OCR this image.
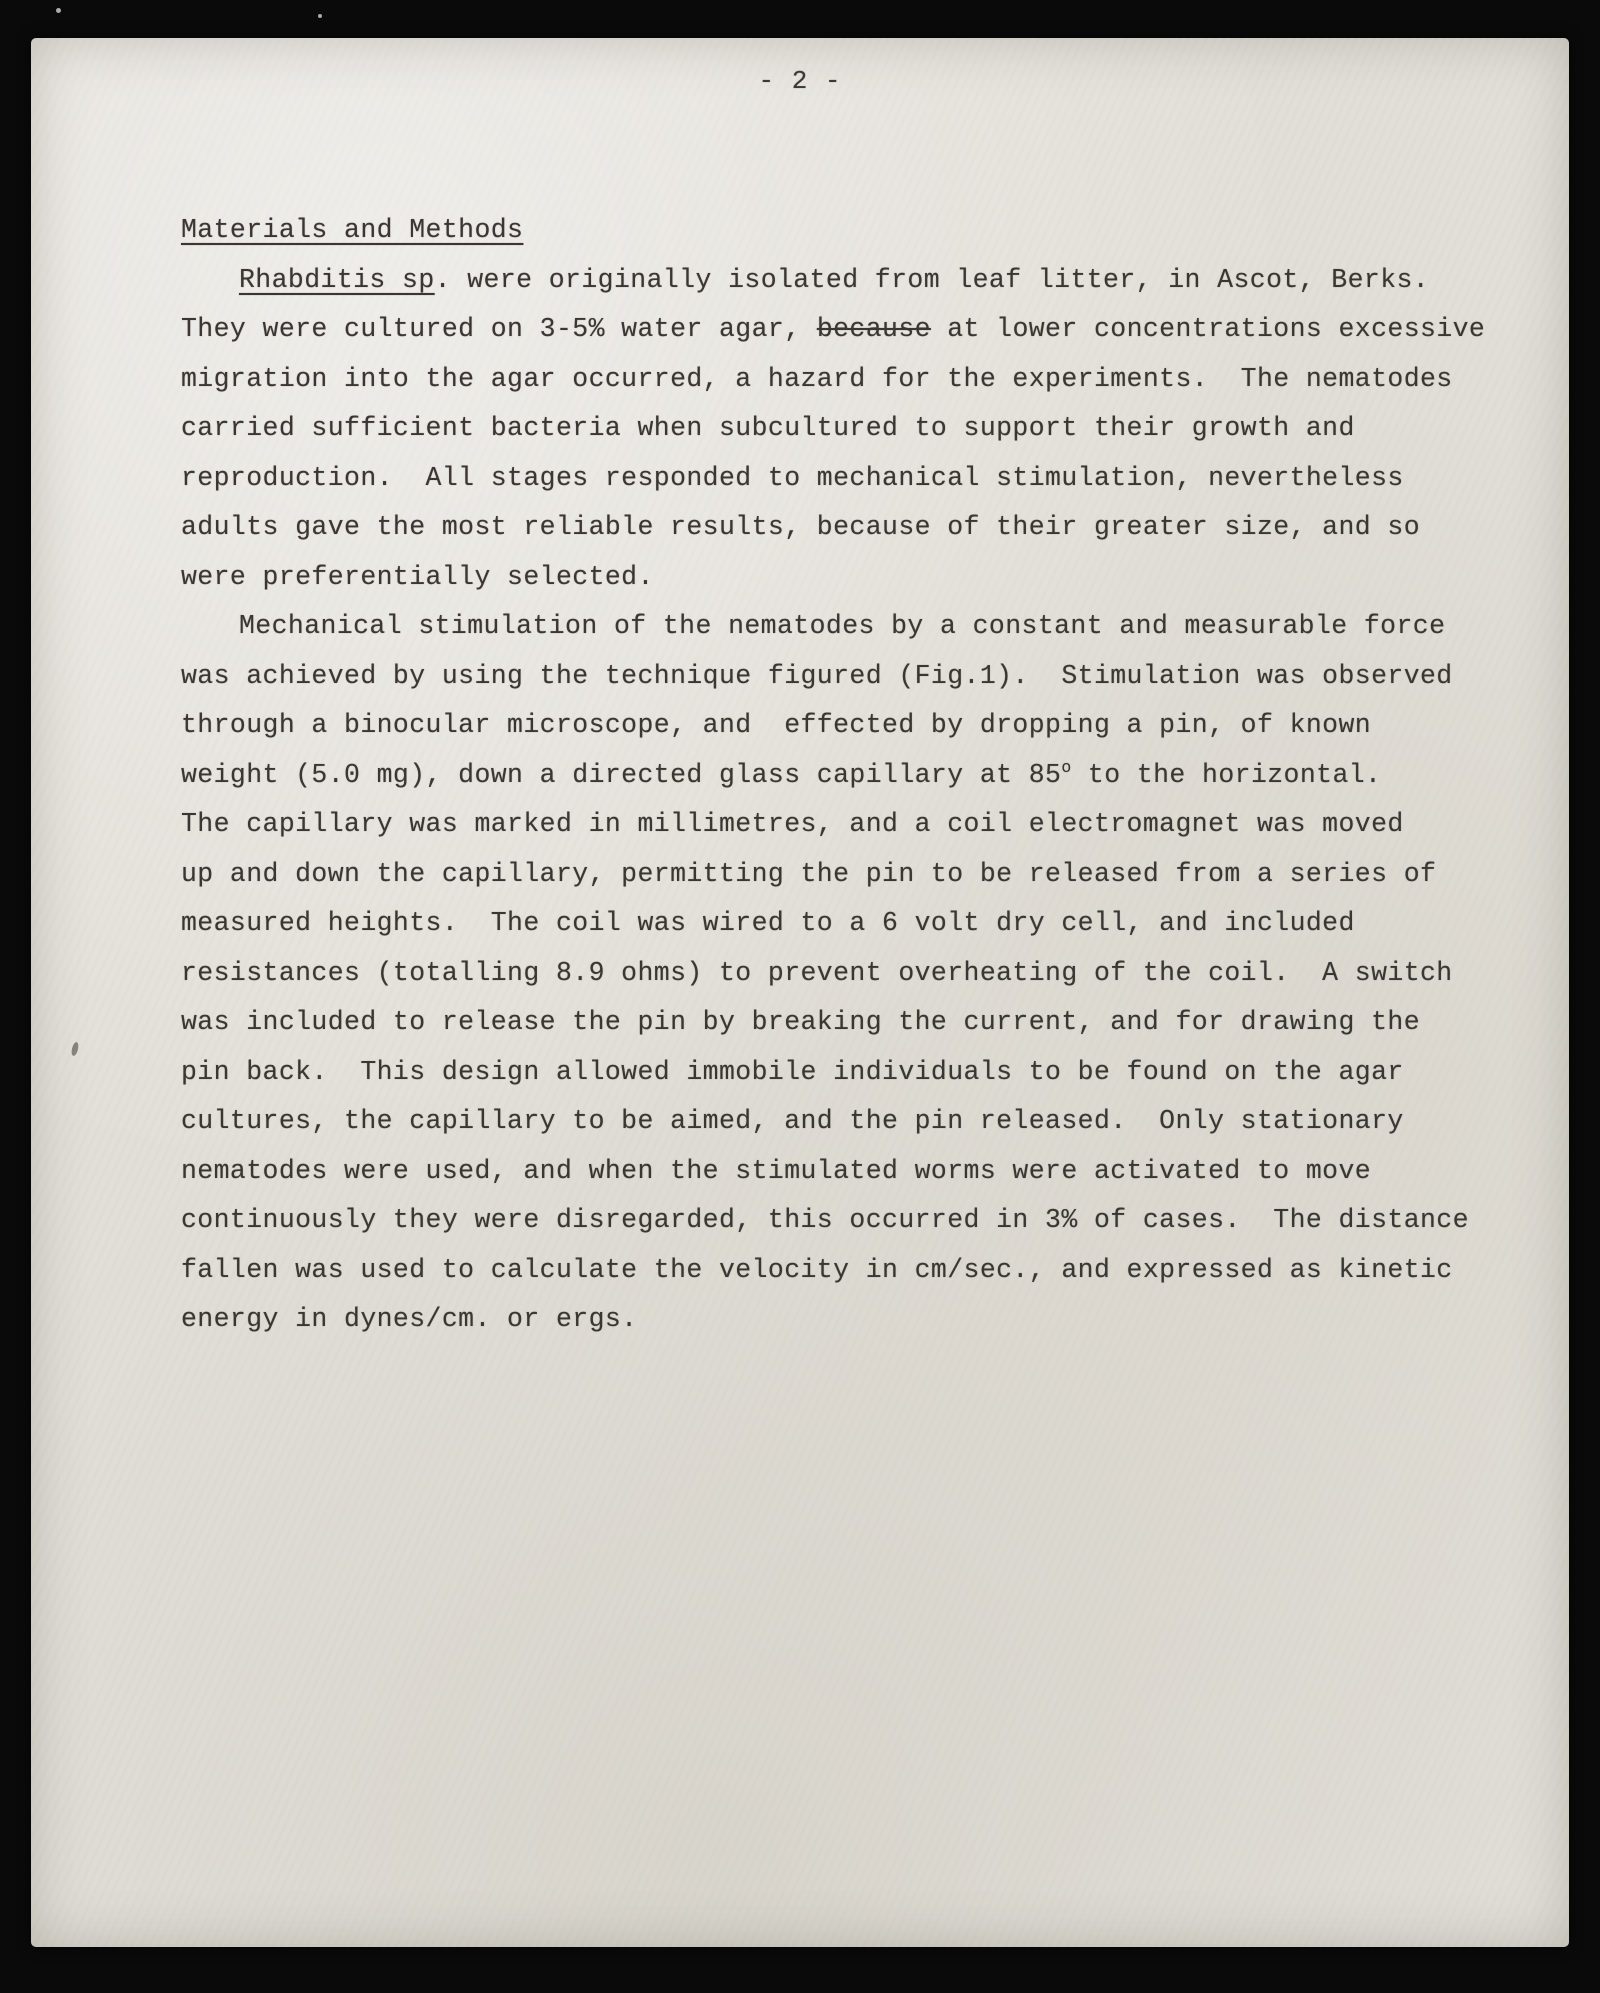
- 2 -
Materials and Methods
Rhabditis sp. were originally isolated from leaf litter, in Ascot, Berks.
They were cultured on 3-5% water agar, because at lower concentrations excessive
migration into the agar occurred, a hazard for the experiments.  The nematodes
carried sufficient bacteria when subcultured to support their growth and
reproduction.  All stages responded to mechanical stimulation, nevertheless
adults gave the most reliable results, because of their greater size, and so
were preferentially selected.
Mechanical stimulation of the nematodes by a constant and measurable force
was achieved by using the technique figured (Fig.1).  Stimulation was observed
through a binocular microscope, and  effected by dropping a pin, of known
weight (5.0 mg), down a directed glass capillary at 85$^o$ to the horizontal.
The capillary was marked in millimetres, and a coil electromagnet was moved
up and down the capillary, permitting the pin to be released from a series of
measured heights.  The coil was wired to a 6 volt dry cell, and included
resistances (totalling 8.9 ohms) to prevent overheating of the coil.  A switch
was included to release the pin by breaking the current, and for drawing the
pin back.  This design allowed immobile individuals to be found on the agar
cultures, the capillary to be aimed, and the pin released.  Only stationary
nematodes were used, and when the stimulated worms were activated to move
continuously they were disregarded, this occurred in 3% of cases.  The distance
fallen was used to calculate the velocity in cm/sec., and expressed as kinetic
energy in dynes/cm. or ergs.
